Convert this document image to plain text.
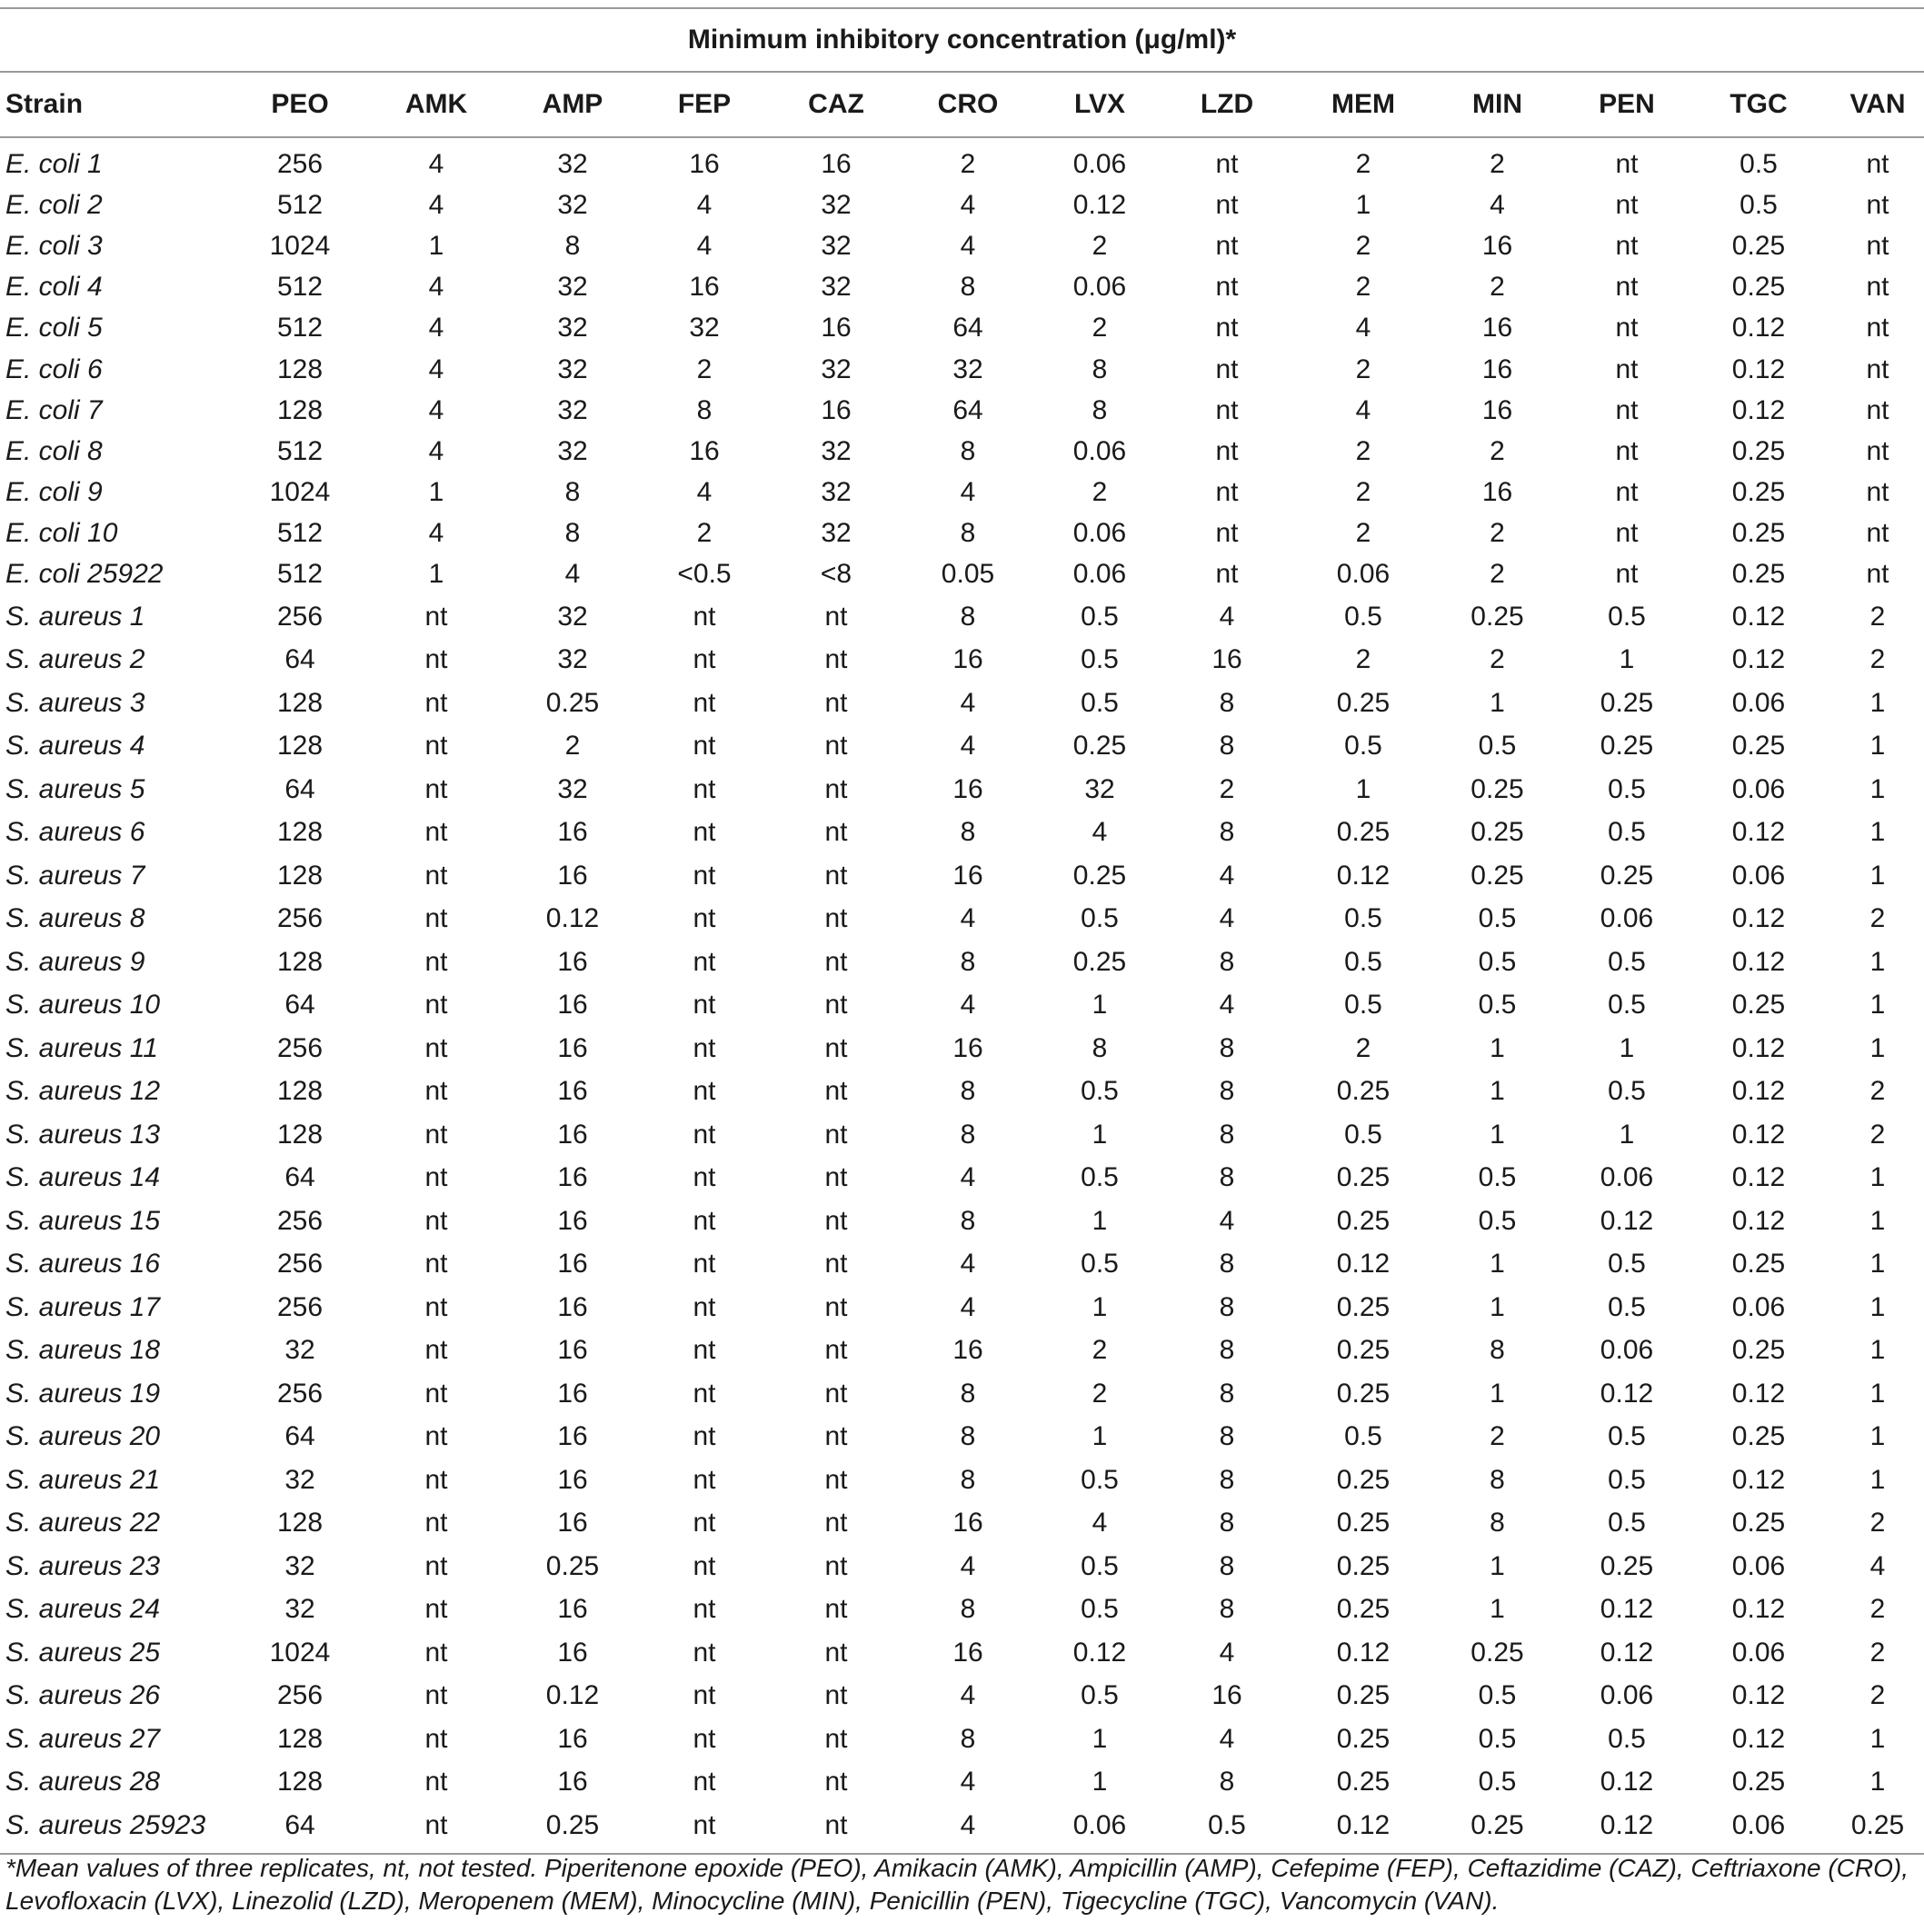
Minimum inhibitory concentration (μg/ml)*													
Strain	PEO	AMK	AMP	FEP	CAZ	CRO	LVX	LZD	MEM	MIN	PEN	TGC	VAN
E. coli 1	256	4	32	16	16	2	0.06	nt	2	2	nt	0.5	nt
E. coli 2	512	4	32	4	32	4	0.12	nt	1	4	nt	0.5	nt
E. coli 3	1024	1	8	4	32	4	2	nt	2	16	nt	0.25	nt
E. coli 4	512	4	32	16	32	8	0.06	nt	2	2	nt	0.25	nt
E. coli 5	512	4	32	32	16	64	2	nt	4	16	nt	0.12	nt
E. coli 6	128	4	32	2	32	32	8	nt	2	16	nt	0.12	nt
E. coli 7	128	4	32	8	16	64	8	nt	4	16	nt	0.12	nt
E. coli 8	512	4	32	16	32	8	0.06	nt	2	2	nt	0.25	nt
E. coli 9	1024	1	8	4	32	4	2	nt	2	16	nt	0.25	nt
E. coli 10	512	4	8	2	32	8	0.06	nt	2	2	nt	0.25	nt
E. coli 25922	512	1	4	<0.5	<8	0.05	0.06	nt	0.06	2	nt	0.25	nt
S. aureus 1	256	nt	32	nt	nt	8	0.5	4	0.5	0.25	0.5	0.12	2
S. aureus 2	64	nt	32	nt	nt	16	0.5	16	2	2	1	0.12	2
S. aureus 3	128	nt	0.25	nt	nt	4	0.5	8	0.25	1	0.25	0.06	1
S. aureus 4	128	nt	2	nt	nt	4	0.25	8	0.5	0.5	0.25	0.25	1
S. aureus 5	64	nt	32	nt	nt	16	32	2	1	0.25	0.5	0.06	1
S. aureus 6	128	nt	16	nt	nt	8	4	8	0.25	0.25	0.5	0.12	1
S. aureus 7	128	nt	16	nt	nt	16	0.25	4	0.12	0.25	0.25	0.06	1
S. aureus 8	256	nt	0.12	nt	nt	4	0.5	4	0.5	0.5	0.06	0.12	2
S. aureus 9	128	nt	16	nt	nt	8	0.25	8	0.5	0.5	0.5	0.12	1
S. aureus 10	64	nt	16	nt	nt	4	1	4	0.5	0.5	0.5	0.25	1
S. aureus 11	256	nt	16	nt	nt	16	8	8	2	1	1	0.12	1
S. aureus 12	128	nt	16	nt	nt	8	0.5	8	0.25	1	0.5	0.12	2
S. aureus 13	128	nt	16	nt	nt	8	1	8	0.5	1	1	0.12	2
S. aureus 14	64	nt	16	nt	nt	4	0.5	8	0.25	0.5	0.06	0.12	1
S. aureus 15	256	nt	16	nt	nt	8	1	4	0.25	0.5	0.12	0.12	1
S. aureus 16	256	nt	16	nt	nt	4	0.5	8	0.12	1	0.5	0.25	1
S. aureus 17	256	nt	16	nt	nt	4	1	8	0.25	1	0.5	0.06	1
S. aureus 18	32	nt	16	nt	nt	16	2	8	0.25	8	0.06	0.25	1
S. aureus 19	256	nt	16	nt	nt	8	2	8	0.25	1	0.12	0.12	1
S. aureus 20	64	nt	16	nt	nt	8	1	8	0.5	2	0.5	0.25	1
S. aureus 21	32	nt	16	nt	nt	8	0.5	8	0.25	8	0.5	0.12	1
S. aureus 22	128	nt	16	nt	nt	16	4	8	0.25	8	0.5	0.25	2
S. aureus 23	32	nt	0.25	nt	nt	4	0.5	8	0.25	1	0.25	0.06	4
S. aureus 24	32	nt	16	nt	nt	8	0.5	8	0.25	1	0.12	0.12	2
S. aureus 25	1024	nt	16	nt	nt	16	0.12	4	0.12	0.25	0.12	0.06	2
S. aureus 26	256	nt	0.12	nt	nt	4	0.5	16	0.25	0.5	0.06	0.12	2
S. aureus 27	128	nt	16	nt	nt	8	1	4	0.25	0.5	0.5	0.12	1
S. aureus 28	128	nt	16	nt	nt	4	1	8	0.25	0.5	0.12	0.25	1
S. aureus 25923	64	nt	0.25	nt	nt	4	0.06	0.5	0.12	0.25	0.12	0.06	0.25
*Mean values of three replicates, nt, not tested. Piperitenone epoxide (PEO), Amikacin (AMK), Ampicillin (AMP), Cefepime (FEP), Ceftazidime (CAZ), Ceftriaxone (CRO), Levofloxacin (LVX), Linezolid (LZD), Meropenem (MEM), Minocycline (MIN), Penicillin (PEN), Tigecycline (TGC), Vancomycin (VAN).
